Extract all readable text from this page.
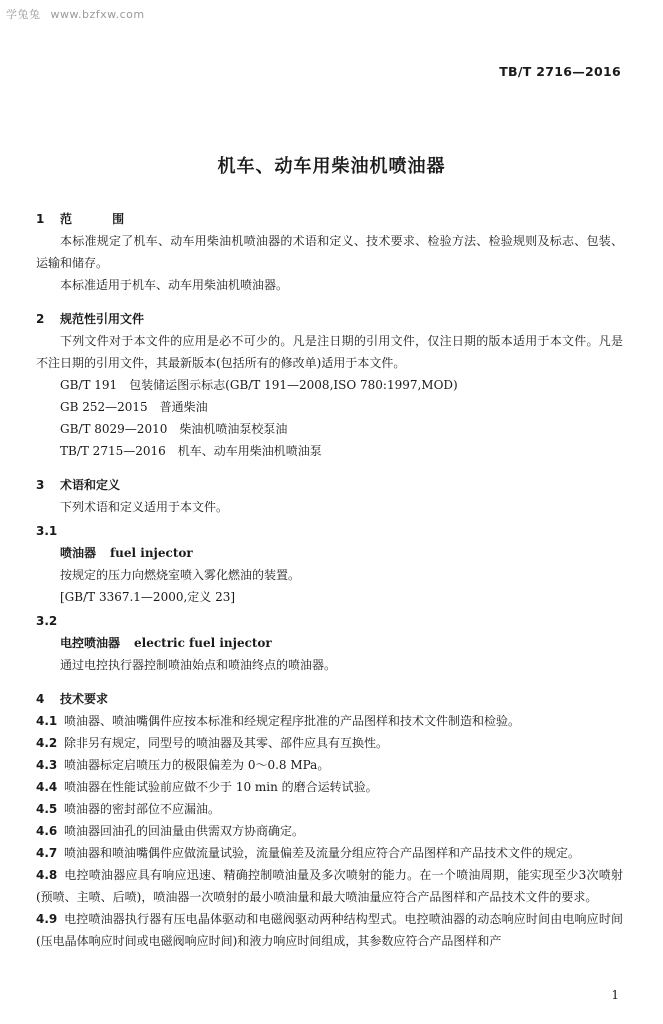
学兔兔 www.bzfxw.com
TB/T 2716—2016
机车、动车用柴油机喷油器
1 范 围

本标准规定了机车、动车用柴油机喷油器的术语和定义、技术要求、检验方法、检验规则及标志、包装、运输和储存。

本标准适用于机车、动车用柴油机喷油器。

2 规范性引用文件

下列文件对于本文件的应用是必不可少的。凡是注日期的引用文件，仅注日期的版本适用于本文件。凡是不注日期的引用文件，其最新版本(包括所有的修改单)适用于本文件。

GB/T 191 包装储运图示标志(GB/T 191—2008,ISO 780:1997,MOD)
GB 252—2015 普通柴油
GB/T 8029—2010 柴油机喷油泵校泵油
TB/T 2715—2016 机车、动车用柴油机喷油泵
3 术语和定义

下列术语和定义适用于本文件。

3.1
喷油器 fuel injector
按规定的压力向燃烧室喷入雾化燃油的装置。
[GB/T 3367.1—2000,定义 23]
3.2
电控喷油器 electric fuel injector
通过电控执行器控制喷油始点和喷油终点的喷油器。
4 技术要求

4.1 喷油器、喷油嘴偶件应按本标准和经规定程序批准的产品图样和技术文件制造和检验。

4.2 除非另有规定，同型号的喷油器及其零、部件应具有互换性。

4.3 喷油器标定启喷压力的极限偏差为 0～0.8 MPa。

4.4 喷油器在性能试验前应做不少于 10 min 的磨合运转试验。

4.5 喷油器的密封部位不应漏油。

4.6 喷油器回油孔的回油量由供需双方协商确定。

4.7 喷油器和喷油嘴偶件应做流量试验，流量偏差及流量分组应符合产品图样和产品技术文件的规定。

4.8 电控喷油器应具有响应迅速、精确控制喷油量及多次喷射的能力。在一个喷油周期，能实现至少3次喷射(预喷、主喷、后喷)，喷油器一次喷射的最小喷油量和最大喷油量应符合产品图样和产品技术文件的要求。

4.9 电控喷油器执行器有压电晶体驱动和电磁阀驱动两种结构型式。电控喷油器的动态响应时间由电响应时间(压电晶体响应时间或电磁阀响应时间)和液力响应时间组成，其参数应符合产品图样和产

1
